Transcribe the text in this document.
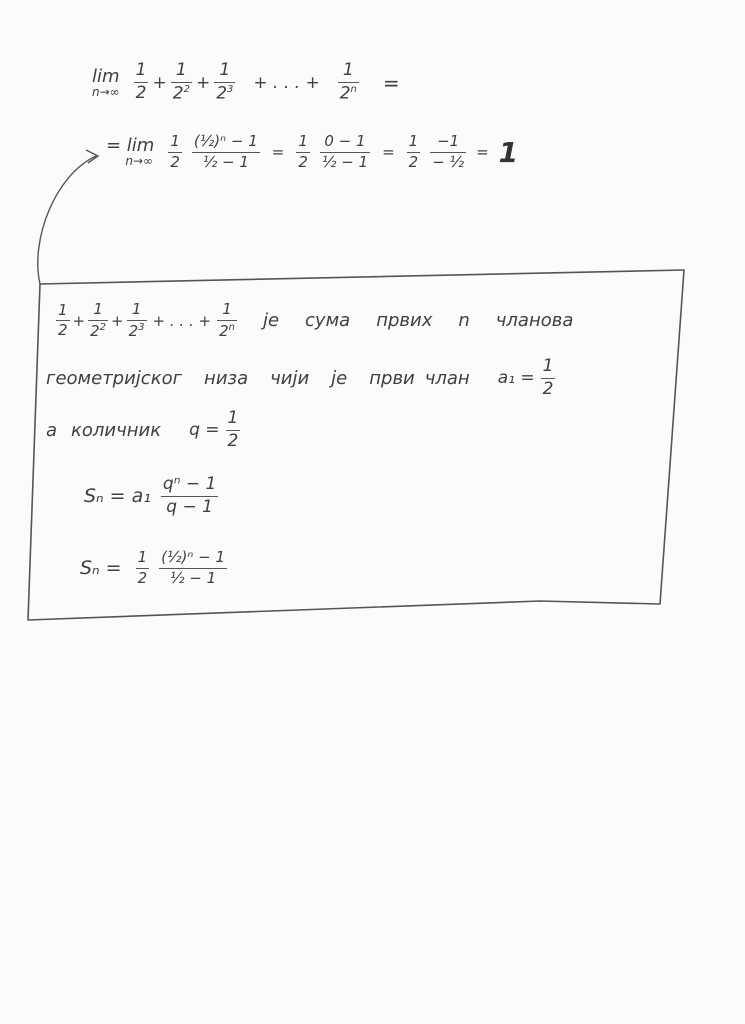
lim
$n\to\infty \frac{1}{2} + \frac{1}{2^2} + \frac{1}{2^3}$ + . . . + $\frac{1}{2^n}$ =
= lim
$n\to\infty \frac{1}{2} \frac{\text{(½)ⁿ − 1}}{\text{½ − 1}} = \frac{1}{2} \frac{0 - 1}{\text{½ − 1}} = \frac{1}{2} \frac{-1}{\text{− ½}} = 1$
$\frac{1}{2} + \frac{1}{2^2} + \frac{1}{2^3}$ + . . . + $\frac{1}{2^n}$ je сума првих n чланова
геометријског низа чији је први члан $a_1 = \frac{1}{2}$
а количник $q = \frac{1}{2}$
$S_n = a_1 \frac{\text{qⁿ − 1}}{q - 1}$
$S_n = \frac{1}{2} \frac{\text{(½)ⁿ − 1}}{\text{½ − 1}}$
